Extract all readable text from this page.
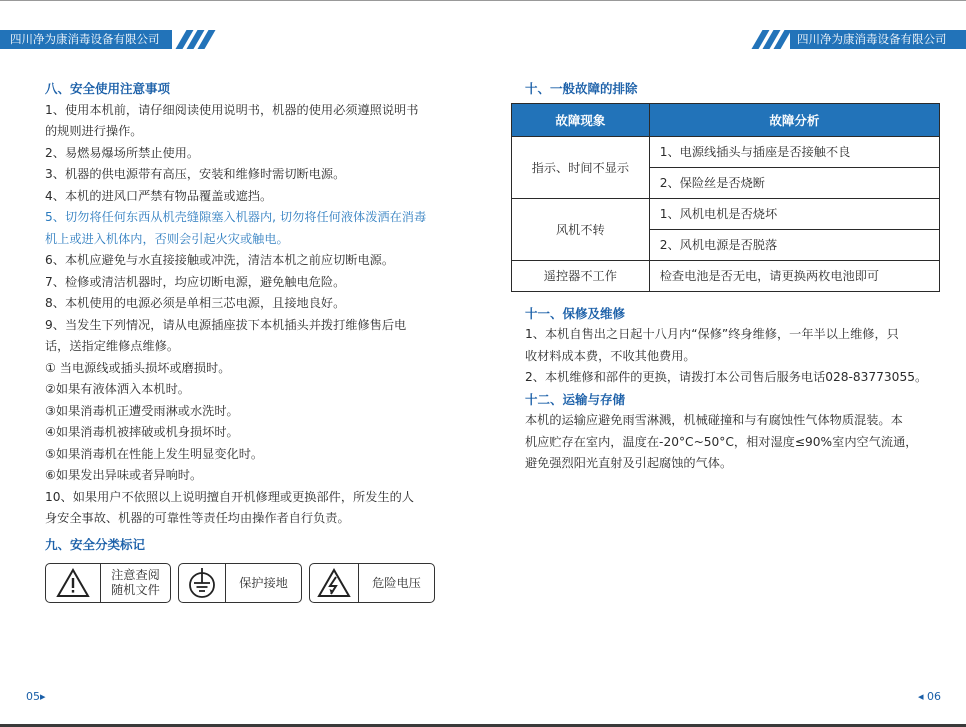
四川净为康消毒设备有限公司	四川净为康消毒设备有限公司
八、安全使用注意事项
1、使用本机前，请仔细阅读使用说明书，机器的使用必须遵照说明书
的规则进行操作。
2、易燃易爆场所禁止使用。
3、机器的供电源带有高压，安装和维修时需切断电源。
4、本机的进风口严禁有物品覆盖或遮挡。
5、切勿将任何东西从机壳缝隙塞入机器内, 切勿将任何液体泼洒在消毒
机上或进入机体内，否则会引起火灾或触电。
6、本机应避免与水直接接触或冲洗，清洁本机之前应切断电源。
7、检修或清洁机器时，均应切断电源，避免触电危险。
8、本机使用的电源必须是单相三芯电源，且接地良好。
9、当发生下列情况，请从电源插座拔下本机插头并拨打维修售后电
话，送指定维修点维修。
① 当电源线或插头损坏或磨损时。
②如果有液体洒入本机时。
③如果消毒机正遭受雨淋或水洗时。
④如果消毒机被摔破或机身损坏时。
⑤如果消毒机在性能上发生明显变化时。
⑥如果发出异味或者异响时。
10、如果用户不依照以上说明擅自开机修理或更换部件，所发生的人
身安全事故、机器的可靠性等责任均由操作者自行负责。
九、安全分类标记
注意查阅
随机文件
保护接地	危险电压
十、一般故障的排除
故障现象	故障分析
指示、时间不显示	1、电源线插头与插座是否接触不良
	2、保险丝是否烧断
风机不转	1、风机电机是否烧坏
	2、风机电源是否脱落
遥控器不工作	检查电池是否无电，请更换两枚电池即可
十一、保修及维修
1、本机自售出之日起十八月内“保修”终身维修，一年半以上维修，只
收材料成本费，不收其他费用。
2、本机维修和部件的更换，请拨打本公司售后服务电话028-83773055。
十二、运输与存储
本机的运输应避免雨雪淋溅，机械碰撞和与有腐蚀性气体物质混装。本
机应贮存在室内，温度在-20°C~50°C，相对湿度≤90%室内空气流通，
避免强烈阳光直射及引起腐蚀的气体。
05▸	◂ 06
